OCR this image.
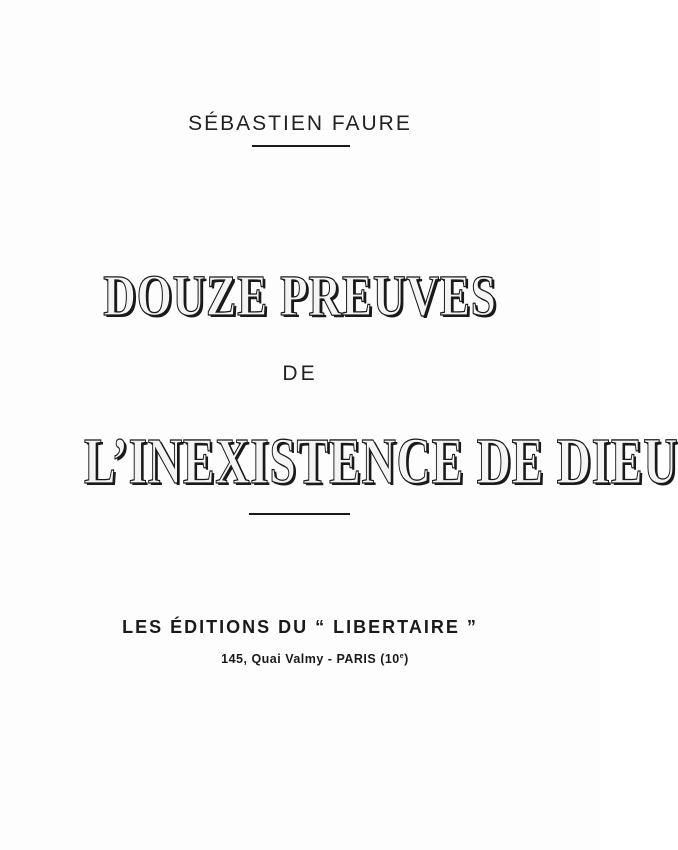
SÉBASTIEN FAURE
DOUZE PREUVES
DE
L’INEXISTENCE DE DIEU
LES ÉDITIONS DU “ LIBERTAIRE ”
145, Quai Valmy - PARIS (10e)
